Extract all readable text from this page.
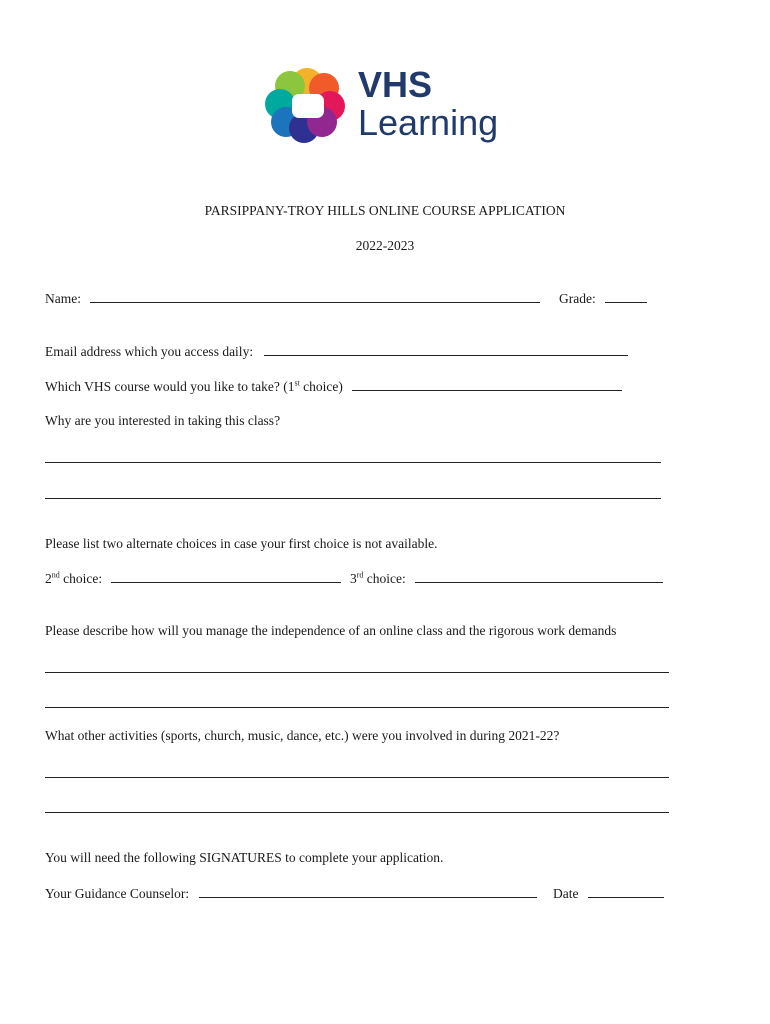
VHS
Learning
PARSIPPANY-TROY HILLS ONLINE COURSE APPLICATION
2022-2023
Name:	Grade:
Email address which you access daily:
Which VHS course would you like to take? (1st choice)
Why are you interested in taking this class?
Please list two alternate choices in case your first choice is not available.
2nd choice:	3rd choice:
Please describe how will you manage the independence of an online class and the rigorous work demands
What other activities (sports, church, music, dance, etc.) were you involved in during 2021-22?
You will need the following SIGNATURES to complete your application.
Your Guidance Counselor:	Date
